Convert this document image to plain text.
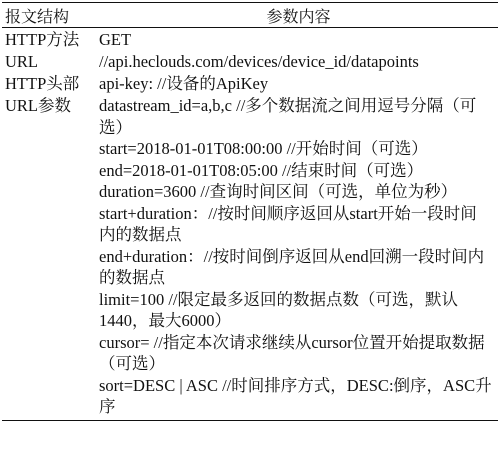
报文结构	参数内容
HTTP方法	GET
URL	//api.heclouds.com/devices/device_id/datapoints
HTTP头部	api-key: //设备的ApiKey
URL参数	datastream_id=a,b,c //多个数据流之间用逗号分隔（可选）
start=2018-01-01T08:00:00 //开始时间（可选）
end=2018-01-01T08:05:00 //结束时间（可选）
duration=3600 //查询时间区间（可选，单位为秒）
start+duration：//按时间顺序返回从start开始一段时间内的数据点
end+duration：//按时间倒序返回从end回溯一段时间内的数据点
limit=100 //限定最多返回的数据点数（可选，默认1440，最大6000）
cursor= //指定本次请求继续从cursor位置开始提取数据（可选）
sort=DESC | ASC //时间排序方式，DESC:倒序，ASC升序
